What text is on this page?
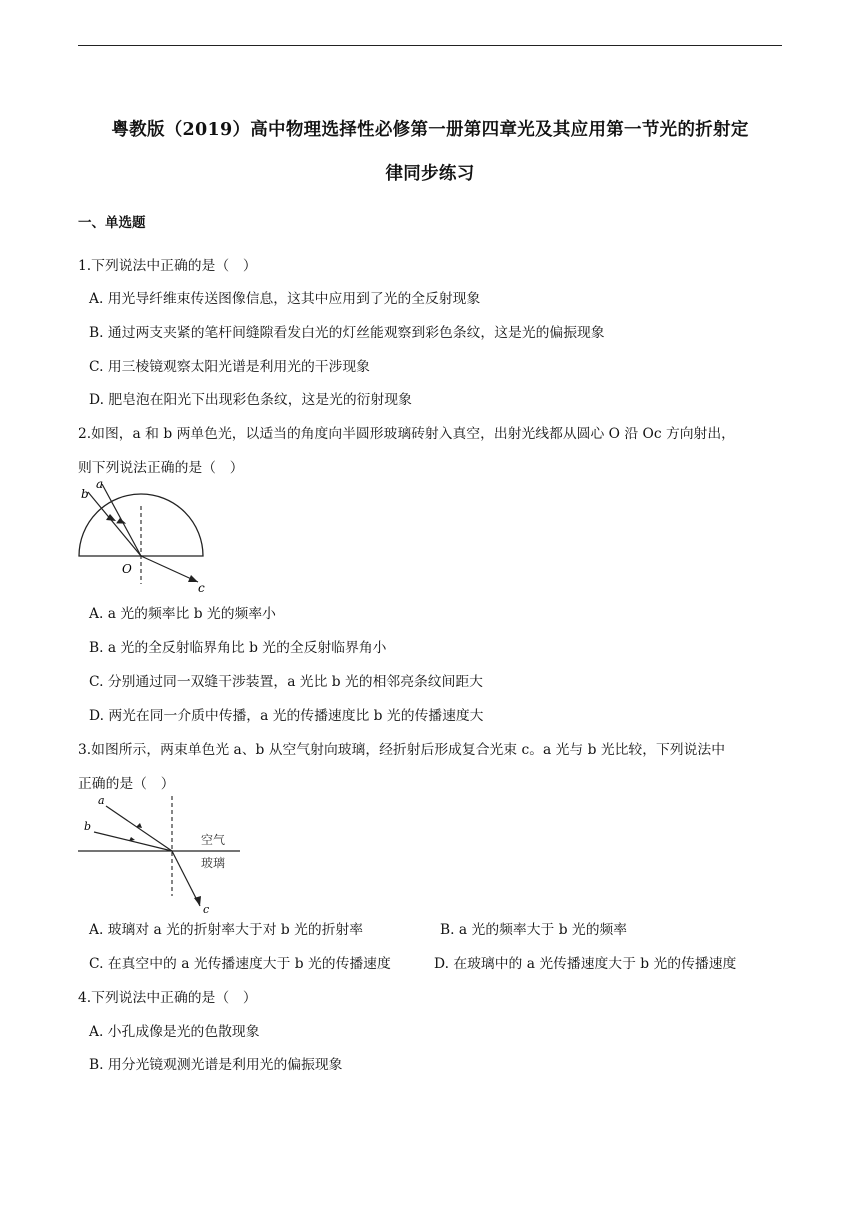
粤教版（2019）高中物理选择性必修第一册第四章光及其应用第一节光的折射定
律同步练习
一、单选题
1.下列说法中正确的是（　）
A. 用光导纤维束传送图像信息，这其中应用到了光的全反射现象
B. 通过两支夹紧的笔杆间缝隙看发白光的灯丝能观察到彩色条纹，这是光的偏振现象
C. 用三棱镜观察太阳光谱是利用光的干涉现象
D. 肥皂泡在阳光下出现彩色条纹，这是光的衍射现象
2.如图，a 和 b 两单色光，以适当的角度向半圆形玻璃砖射入真空，出射光线都从圆心 O 沿 Oc 方向射出，
则下列说法正确的是（　）
a
b
O
c
A. a 光的频率比 b 光的频率小
B. a 光的全反射临界角比 b 光的全反射临界角小
C. 分别通过同一双缝干涉装置，a 光比 b 光的相邻亮条纹间距大
D. 两光在同一介质中传播，a 光的传播速度比 b 光的传播速度大
3.如图所示，两束单色光 a、b 从空气射向玻璃，经折射后形成复合光束 c。a 光与 b 光比较，下列说法中
正确的是（　）
a
b
空气
玻璃
c
A. 玻璃对 a 光的折射率大于对 b 光的折射率	B. a 光的频率大于 b 光的频率
C. 在真空中的 a 光传播速度大于 b 光的传播速度	D. 在玻璃中的 a 光传播速度大于 b 光的传播速度
4.下列说法中正确的是（　）
A. 小孔成像是光的色散现象
B. 用分光镜观测光谱是利用光的偏振现象
